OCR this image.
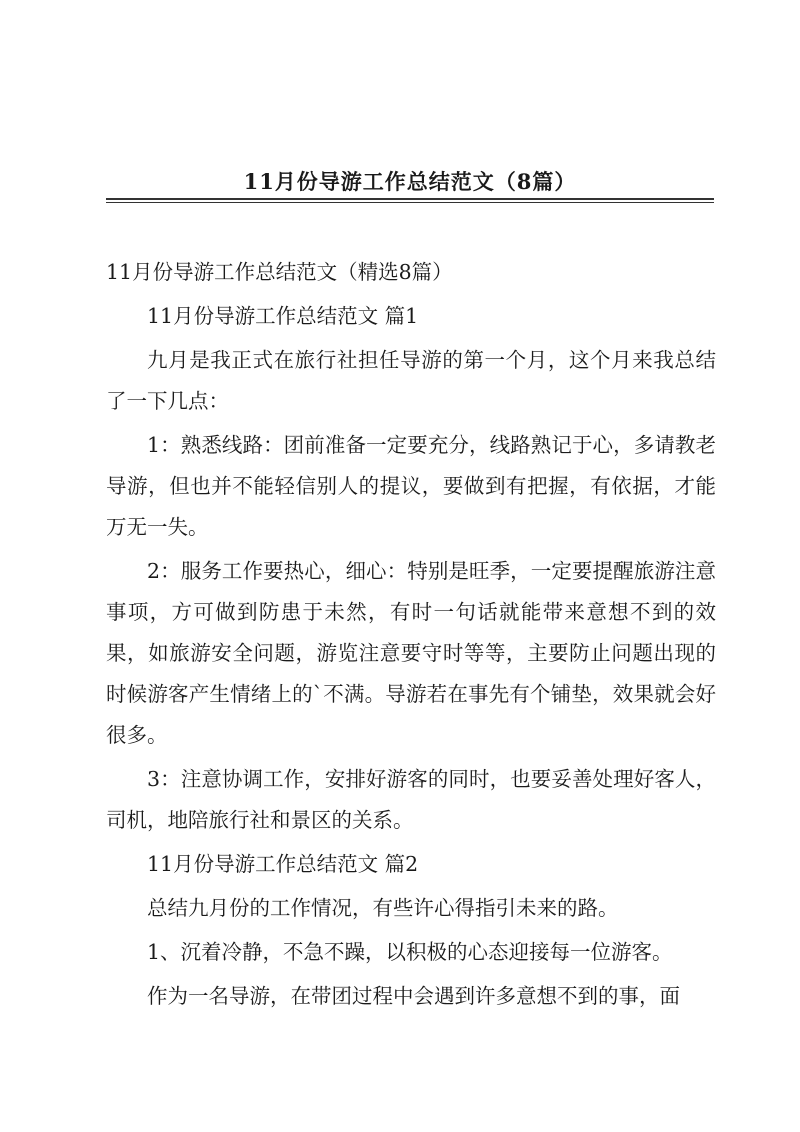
11月份导游工作总结范文（8篇）

11月份导游工作总结范文（精选8篇）

11月份导游工作总结范文 篇1

九月是我正式在旅行社担任导游的第一个月，这个月来我总结了一下几点：

1：熟悉线路：团前准备一定要充分，线路熟记于心，多请教老导游，但也并不能轻信别人的提议，要做到有把握，有依据，才能万无一失。

2：服务工作要热心，细心：特别是旺季，一定要提醒旅游注意事项，方可做到防患于未然，有时一句话就能带来意想不到的效果，如旅游安全问题，游览注意要守时等等，主要防止问题出现的时候游客产生情绪上的`不满。导游若在事先有个铺垫，效果就会好很多。

3：注意协调工作，安排好游客的同时，也要妥善处理好客人，司机，地陪旅行社和景区的关系。

11月份导游工作总结范文 篇2

总结九月份的工作情况，有些许心得指引未来的路。

1、沉着冷静，不急不躁，以积极的心态迎接每一位游客。

作为一名导游，在带团过程中会遇到许多意想不到的事，面
